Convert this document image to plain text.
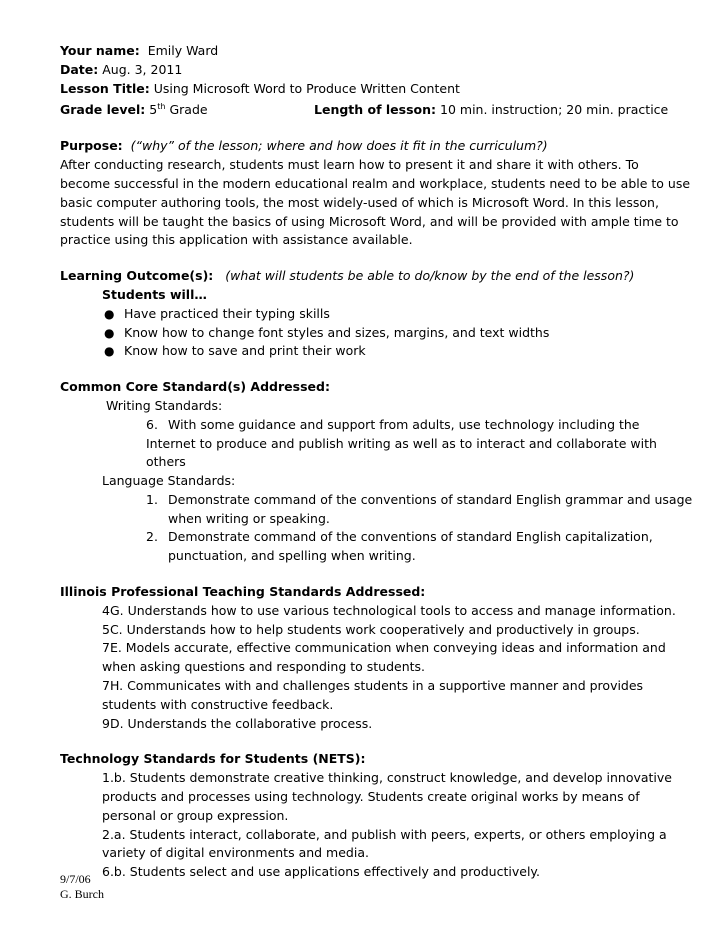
Your name: Emily Ward
Date: Aug. 3, 2011
Lesson Title: Using Microsoft Word to Produce Written Content
Grade level: 5th Grade	Length of lesson: 10 min. instruction; 20 min. practice
Purpose: (“why” of the lesson; where and how does it fit in the curriculum?)
After conducting research, students must learn how to present it and share it with others. To
become successful in the modern educational realm and workplace, students need to be able to use
basic computer authoring tools, the most widely-used of which is Microsoft Word. In this lesson,
students will be taught the basics of using Microsoft Word, and will be provided with ample time to
practice using this application with assistance available.
Learning Outcome(s): (what will students be able to do/know by the end of the lesson?)
Students will…
● Have practiced their typing skills
● Know how to change font styles and sizes, margins, and text widths
● Know how to save and print their work
Common Core Standard(s) Addressed:
Writing Standards:
6. With some guidance and support from adults, use technology including the
Internet to produce and publish writing as well as to interact and collaborate with
others
Language Standards:
1. Demonstrate command of the conventions of standard English grammar and usage
when writing or speaking.
2. Demonstrate command of the conventions of standard English capitalization,
punctuation, and spelling when writing.
Illinois Professional Teaching Standards Addressed:
4G. Understands how to use various technological tools to access and manage information.
5C. Understands how to help students work cooperatively and productively in groups.
7E. Models accurate, effective communication when conveying ideas and information and
when asking questions and responding to students.
7H. Communicates with and challenges students in a supportive manner and provides
students with constructive feedback.
9D. Understands the collaborative process.
Technology Standards for Students (NETS):
1.b. Students demonstrate creative thinking, construct knowledge, and develop innovative
products and processes using technology. Students create original works by means of
personal or group expression.
2.a. Students interact, collaborate, and publish with peers, experts, or others employing a
variety of digital environments and media.
6.b. Students select and use applications effectively and productively.
9/7/06
G. Burch
